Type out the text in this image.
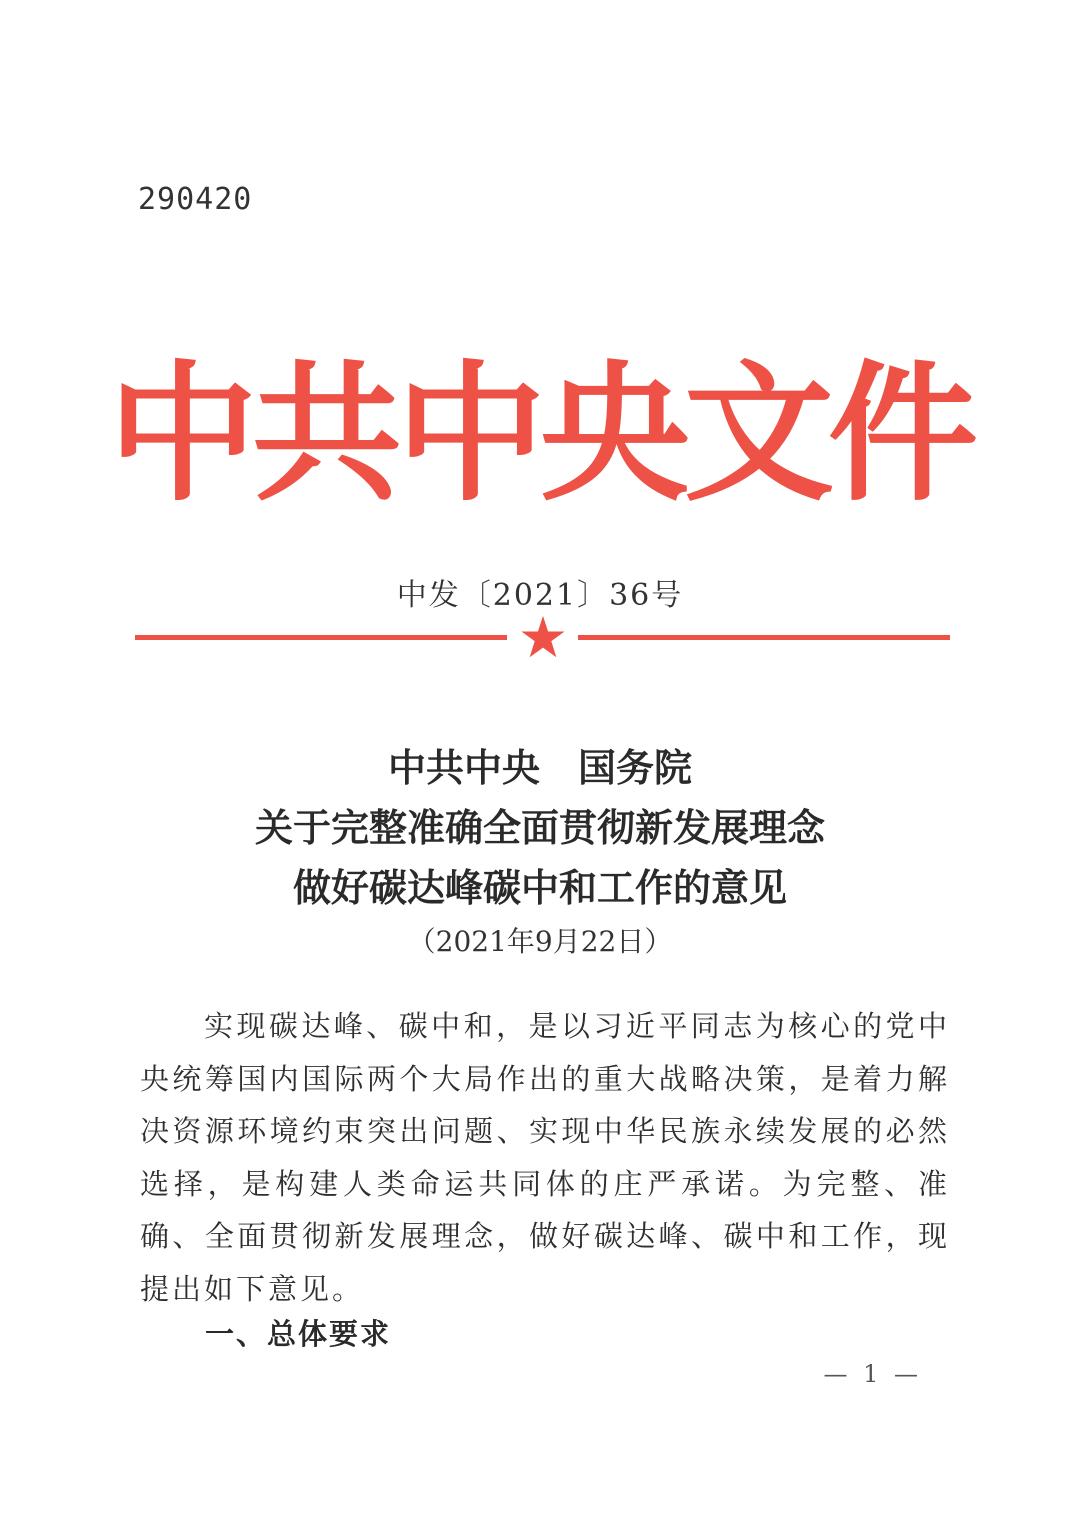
290420
中共中央文件
中发〔2021〕36号
中共中央　国务院
关于完整准确全面贯彻新发展理念
做好碳达峰碳中和工作的意见
（2021年9月22日）
实现碳达峰、碳中和，是以习近平同志为核心的党中央统筹国内国际两个大局作出的重大战略决策，是着力解决资源环境约束突出问题、实现中华民族永续发展的必然选择，是构建人类命运共同体的庄严承诺。为完整、准确、全面贯彻新发展理念，做好碳达峰、碳中和工作，现提出如下意见。
一、总体要求
— 1 —
